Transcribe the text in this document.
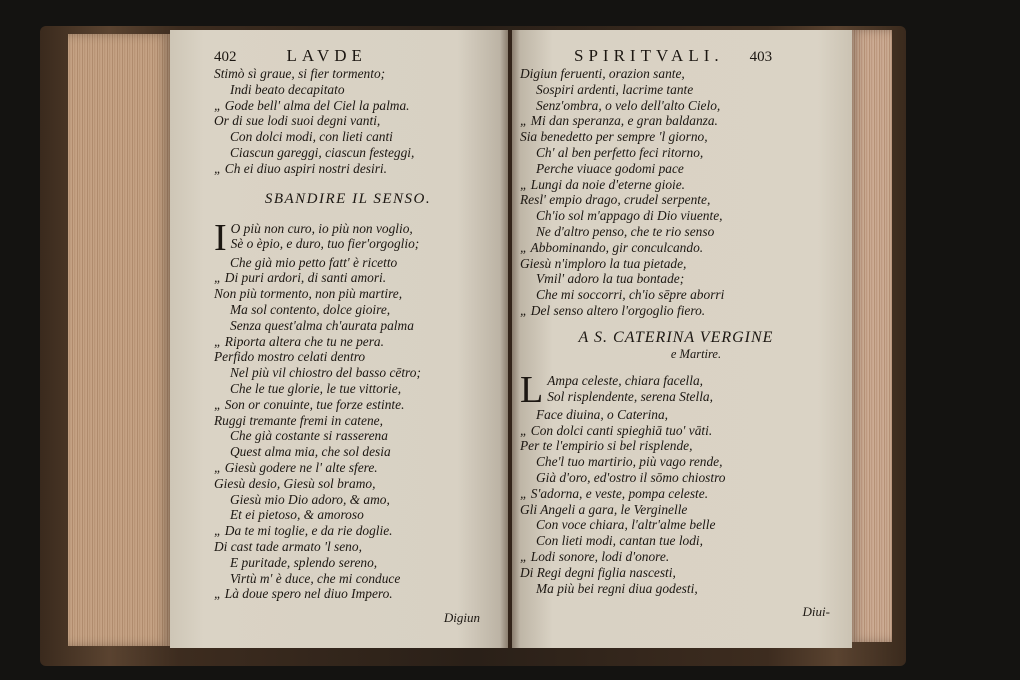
402	LAVDE
Stimò sì graue, si fier tormento;
Indi beato decapitato
„ Gode bell' alma del Ciel la palma.
Or di sue lodi suoi degni vanti,
Con dolci modi, con lieti canti
Ciascun gareggi, ciascun festeggi,
„ Ch ei diuo aspiri nostri desiri.
SBANDIRE IL SENSO.
I O più non curo, io più non voglio,
Sè o èpio, e duro, tuo fier'orgoglio;
Che già mio petto fatt' è ricetto
„ Di puri ardori, di santi amori.
Non più tormento, non più martire,
Ma sol contento, dolce gioire,
Senza quest'alma ch'aurata palma
„ Riporta altera che tu ne pera.
Perfido mostro celati dentro
Nel più vil chiostro del basso cētro;
Che le tue glorie, le tue vittorie,
„ Son or conuinte, tue forze estinte.
Ruggi tremante fremi in catene,
Che già costante si rasserena
Quest alma mia, che sol desia
„ Giesù godere ne l' alte sfere.
Giesù desio, Giesù sol bramo,
Giesù mio Dio adoro, & amo,
Et ei pietoso, & amoroso
„ Da te mi toglie, e da rie doglie.
Di cast tade armato 'l seno,
E puritade, splendo sereno,
Virtù m' è duce, che mi conduce
„ Là doue spero nel diuo Impero.
Digiun
SPIRITVALI. 403
Digiun feruenti, orazion sante,
Sospiri ardenti, lacrime tante
Senz'ombra, o velo dell'alto Cielo,
„ Mi dan speranza, e gran baldanza.
Sia benedetto per sempre 'l giorno,
Ch' al ben perfetto feci ritorno,
Perche viuace godomi pace
„ Lungi da noie d'eterne gioie.
Resl' empio drago, crudel serpente,
Ch'io sol m'appago di Dio viuente,
Ne d'altro penso, che te rio senso
„ Abbominando, gir conculcando.
Giesù n'imploro la tua pietade,
Vmil' adoro la tua bontade;
Che mi soccorri, ch'io sēpre aborri
„ Del senso altero l'orgoglio fiero.
A S. CATERINA VERGINE
e Martire.
L Ampa celeste, chiara facella,
Sol risplendente, serena Stella,
Face diuina, o Caterina,
„ Con dolci canti spieghiā tuo' vāti.
Per te l'empirio si bel risplende,
Che'l tuo martirio, più vago rende,
Già d'oro, ed'ostro il sōmo chiostro
„ S'adorna, e veste, pompa celeste.
Gli Angeli a gara, le Verginelle
Con voce chiara, l'altr'alme belle
Con lieti modi, cantan tue lodi,
„ Lodi sonore, lodi d'onore.
Di Regi degni figlia nascesti,
Ma più bei regni diua godesti,
Diui-
